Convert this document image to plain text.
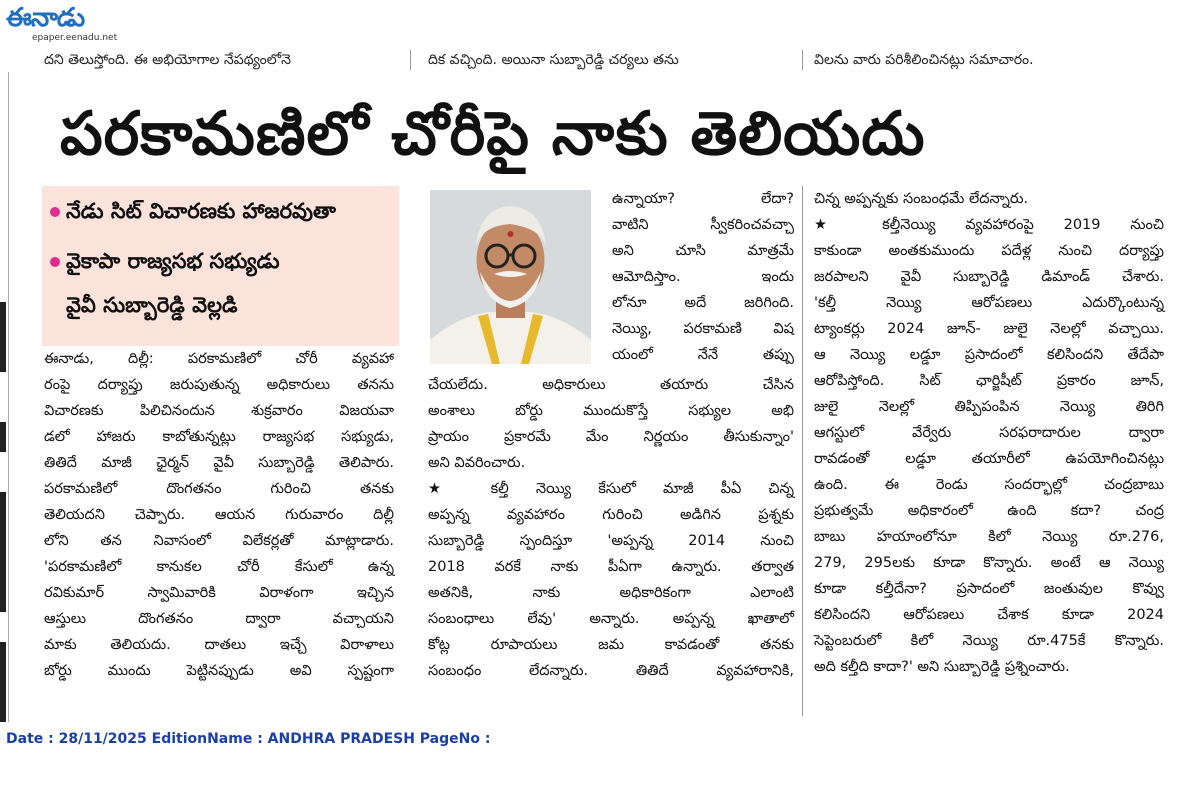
ఈనాడు
epaper.eenadu.net
దని తెలుస్తోంది. ఈ అభియోగాల నేపథ్యంలోనె	దిక వచ్చింది. అయినా సుబ్బారెడ్డి చర్యలు తను	విలను వారు పరిశీలించినట్లు సమాచారం.
పరకామణిలో చోరీపై నాకు తెలియదు
నేడు సిట్ విచారణకు హాజరవుతా
వైకాపా రాజ్యసభ సభ్యుడు
వైవీ సుబ్బారెడ్డి వెల్లడి

ఈనాడు, దిల్లీ: పరకామణిలో చోరీ వ్యవహా

రంపై దర్యాప్తు జరుపుతున్న అధికారులు తనను

విచారణకు పిలిచినందున శుక్రవారం విజయవా

డలో హాజరు కాబోతున్నట్లు రాజ్యసభ సభ్యుడు,

తితిదే మాజీ ఛైర్మన్ వైవీ సుబ్బారెడ్డి తెలిపారు.

పరకామణిలో దొంగతనం గురించి తనకు

తెలియదని చెప్పారు. ఆయన గురువారం దిల్లీ

లోని తన నివాసంలో విలేకర్లతో మాట్లాడారు.

'పరకామణిలో కానుకల చోరీ కేసులో ఉన్న

రవికుమార్ స్వామివారికి విరాళంగా ఇచ్చిన

ఆస్తులు దొంగతనం ద్వారా వచ్చాయని

మాకు తెలియదు. దాతలు ఇచ్చే విరాళాలు

బోర్డు ముందు పెట్టినప్పుడు అవి స్పష్టంగా

ఉన్నాయా? లేదా?

వాటిని స్వీకరించవచ్చా

అని చూసి మాత్రమే

ఆమోదిస్తాం. ఇందు

లోనూ అదే జరిగింది.

నెయ్యి, పరకామణి విష

యంలో నేనే తప్పు

చేయలేదు. అధికారులు తయారు చేసిన

అంశాలు బోర్డు ముందుకొస్తే సభ్యుల అభి

ప్రాయం ప్రకారమే మేం నిర్ణయం తీసుకున్నాం'

అని వివరించారు.

★ కల్తీ నెయ్యి కేసులో మాజీ పీఏ చిన్న

అప్పన్న వ్యవహారం గురించి అడిగిన ప్రశ్నకు

సుబ్బారెడ్డి స్పందిస్తూ 'అప్పన్న 2014 నుంచి

2018 వరకే నాకు పీఏగా ఉన్నారు. తర్వాత

అతనికి, నాకు అధికారికంగా ఎలాంటి

సంబంధాలు లేవు' అన్నారు. అప్పన్న ఖాతాలో

కోట్ల రూపాయలు జమ కావడంతో తనకు

సంబంధం లేదన్నారు. తితిదే వ్యవహారానికి,

చిన్న అప్పన్నకు సంబంధమే లేదన్నారు.

★ కల్తీనెయ్యి వ్యవహారంపై 2019 నుంచి

కాకుండా అంతకుముందు పదేళ్ల నుంచి దర్యాప్తు

జరపాలని వైవీ సుబ్బారెడ్డి డిమాండ్ చేశారు.

'కల్తీ నెయ్యి ఆరోపణలు ఎదుర్కొంటున్న

ట్యాంకర్లు 2024 జూన్- జులై నెలల్లో వచ్చాయి.

ఆ నెయ్యి లడ్డూ ప్రసాదంలో కలిసిందని తేదేపా

ఆరోపిస్తోంది. సిట్ ఛార్జిషీట్ ప్రకారం జూన్,

జులై నెలల్లో తిప్పిపంపిన నెయ్యి తిరిగి

ఆగస్టులో వేర్వేరు సరఫరాదారుల ద్వారా

రావడంతో లడ్డూ తయారీలో ఉపయోగించినట్లు

ఉంది. ఈ రెండు సందర్భాల్లో చంద్రబాబు

ప్రభుత్వమే అధికారంలో ఉంది కదా? చంద్ర

బాబు హయాంలోనూ కిలో నెయ్యి రూ.276,

279, 295లకు కూడా కొన్నారు. అంటే ఆ నెయ్యి

కూడా కల్తీదేనా? ప్రసాదంలో జంతువుల కొవ్వు

కలిసిందని ఆరోపణలు చేశాక కూడా 2024

సెప్టెంబరులో కిలో నెయ్యి రూ.475కే కొన్నారు.

అది కల్తీది కాదా?' అని సుబ్బారెడ్డి ప్రశ్నించారు.

Date : 28/11/2025 EditionName : ANDHRA PRADESH PageNo :
